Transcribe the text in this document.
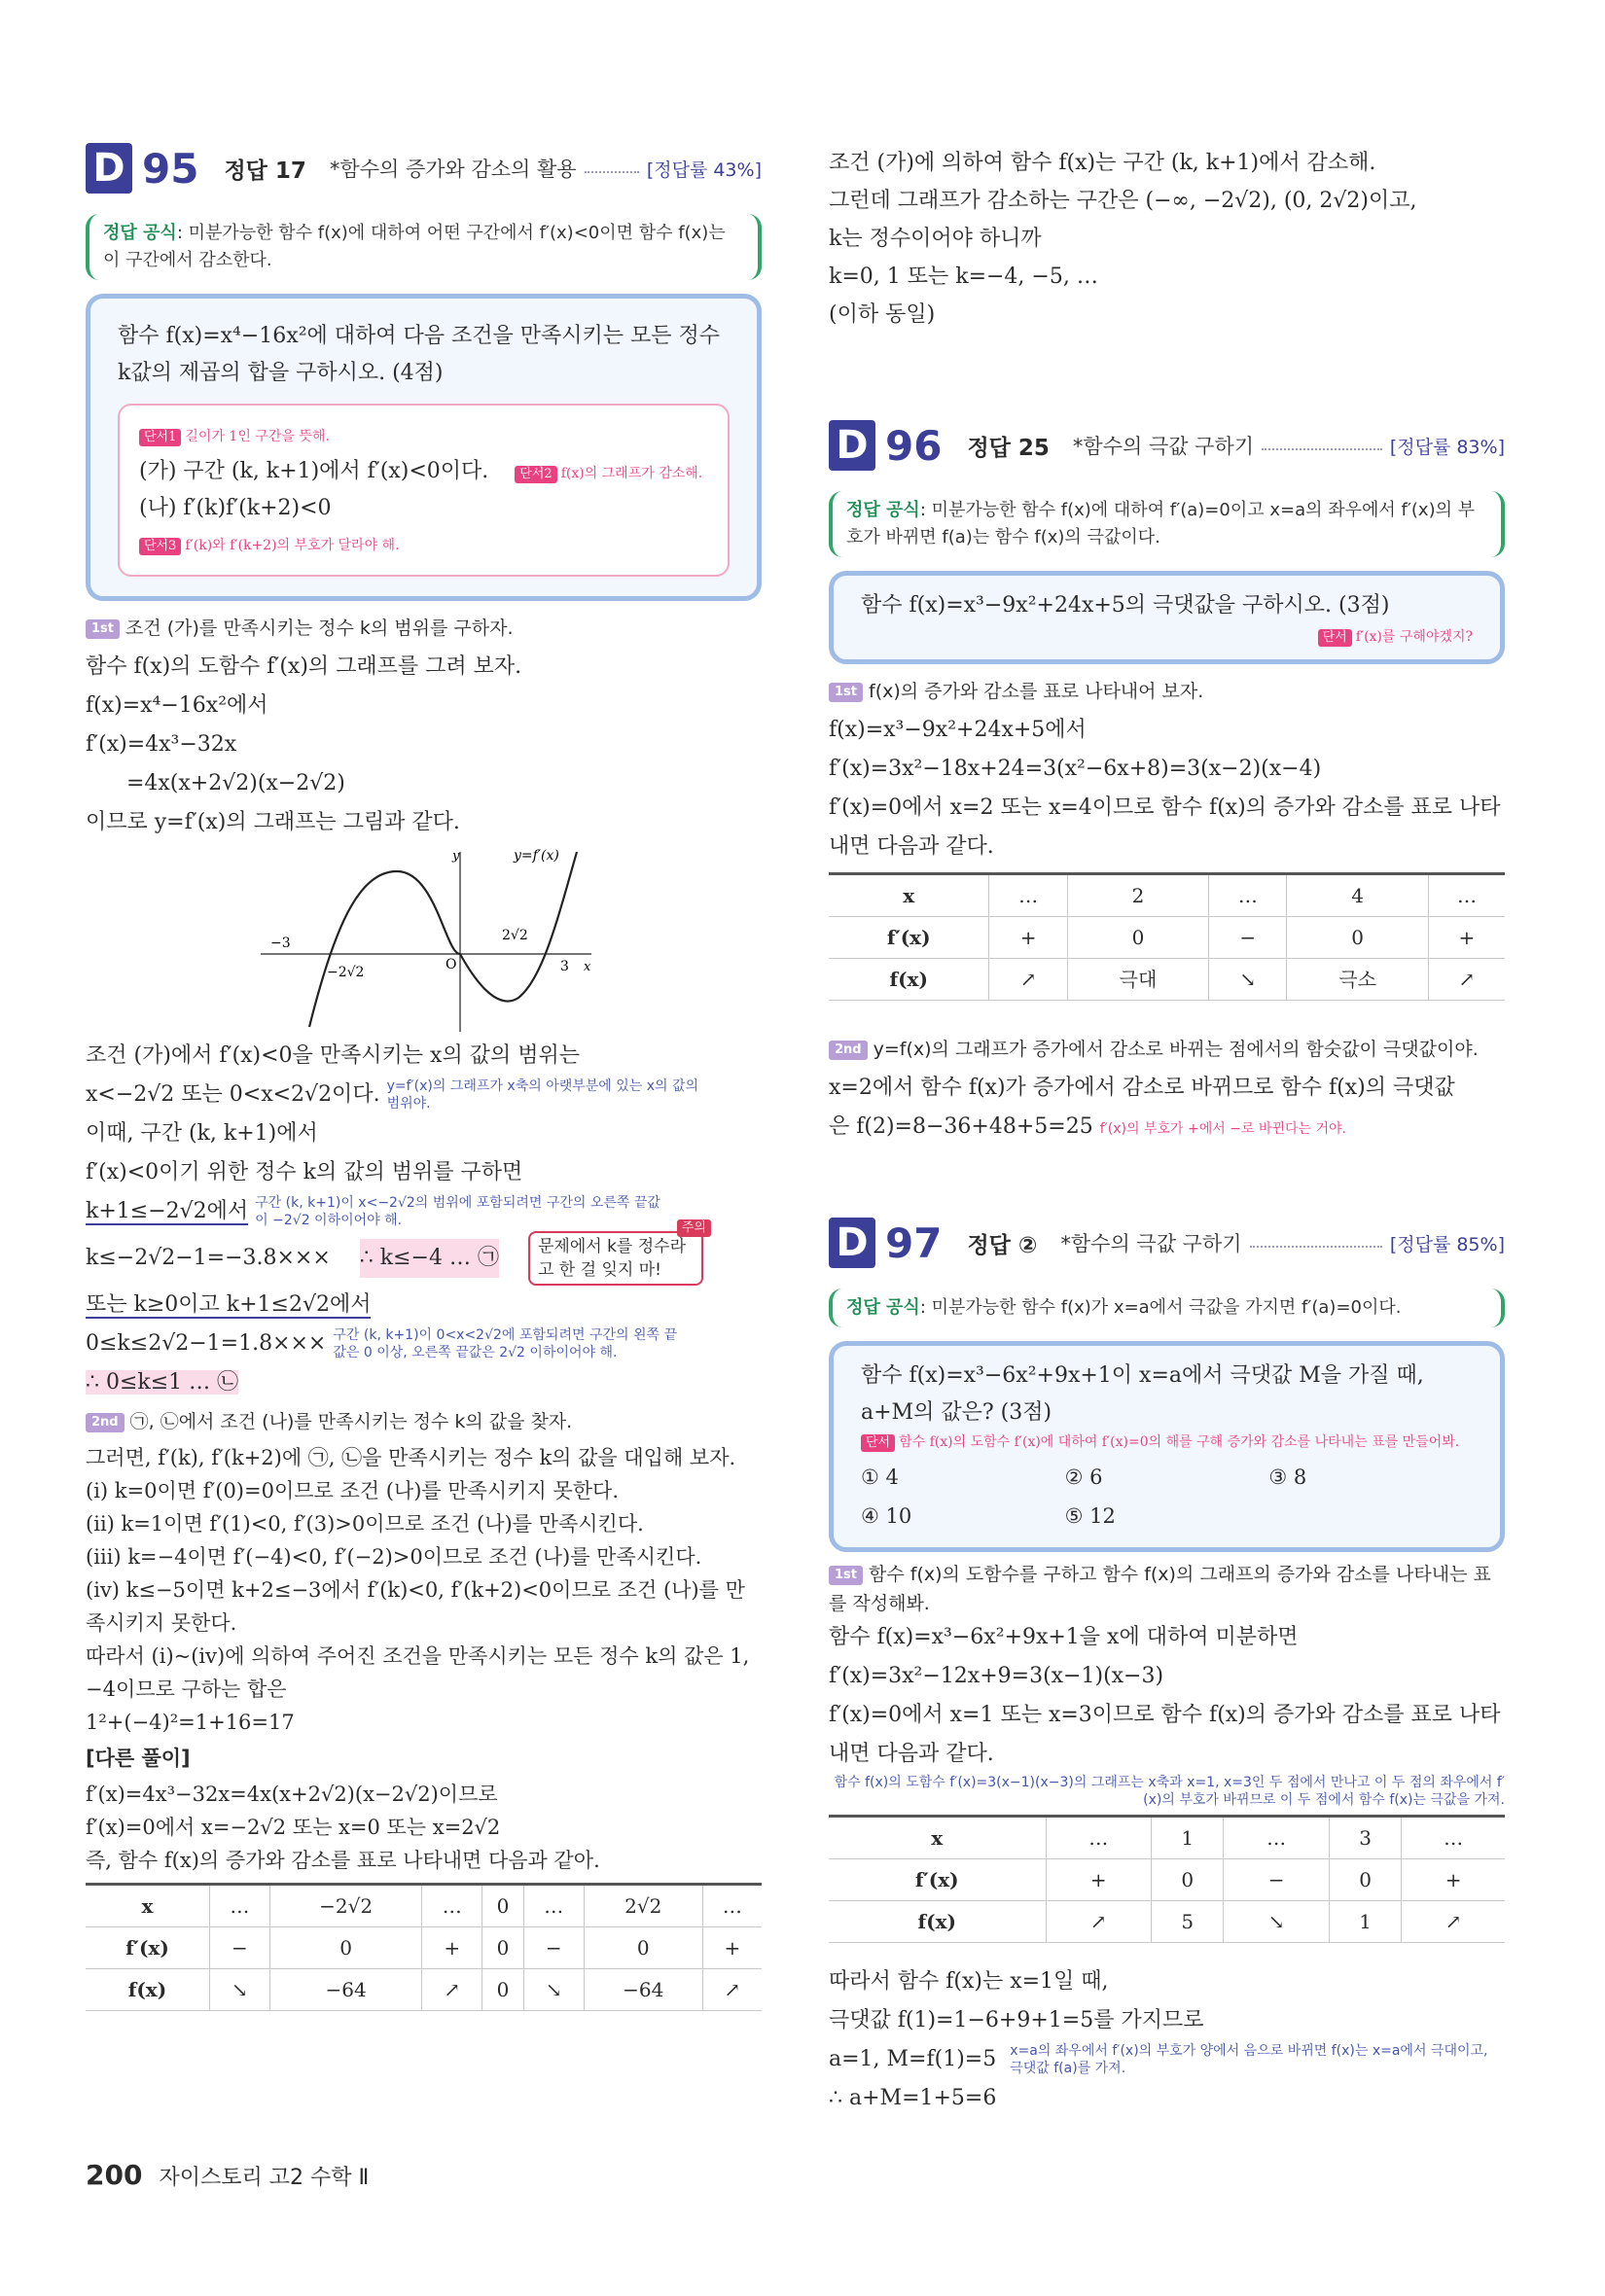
D 95 정답 17 *함수의 증가와 감소의 활용	[정답률 43%]
정답 공식: 미분가능한 함수 f(x)에 대하여 어떤 구간에서 f′(x)<0이면 함수 f(x)는 이 구간에서 감소한다.
함수 f(x)=x⁴−16x²에 대하여 다음 조건을 만족시키는 모든 정수 k값의 제곱의 합을 구하시오. (4점)
단서1 길이가 1인 구간을 뜻해.
(가) 구간 (k, k+1)에서 f′(x)<0이다. 단서2 f(x)의 그래프가 감소해.
(나) f′(k)f′(k+2)<0
단서3 f′(k)와 f′(k+2)의 부호가 달라야 해.
1st 조건 (가)를 만족시키는 정수 k의 범위를 구하자.
함수 f(x)의 도함수 f′(x)의 그래프를 그려 보자.
f(x)=x⁴−16x²에서
f′(x)=4x³−32x
=4x(x+2√2)(x−2√2)
이므로 y=f′(x)의 그래프는 그림과 같다.
y
x
y=f′(x)
−3
−2√2	O
2√2
3
조건 (가)에서 f′(x)<0을 만족시키는 x의 값의 범위는
x<−2√2 또는 0<x<2√2이다. y=f′(x)의 그래프가 x축의 아랫부분에 있는 x의 값의 범위야.
이때, 구간 (k, k+1)에서
f′(x)<0이기 위한 정수 k의 값의 범위를 구하면
k+1≤−2√2에서 구간 (k, k+1)이 x<−2√2의 범위에 포함되려면 구간의 오른쪽 끝값이 −2√2 이하이어야 해.
k≤−2√2−1=−3.8××× ∴ k≤−4 … ㉠
주의
문제에서 k를 정수라고 한 걸 잊지 마!
또는 k≥0이고 k+1≤2√2에서
0≤k≤2√2−1=1.8××× 구간 (k, k+1)이 0<x<2√2에 포함되려면 구간의 왼쪽 끝값은 0 이상, 오른쪽 끝값은 2√2 이하이어야 해.
∴ 0≤k≤1 … ㉡
2nd ㉠, ㉡에서 조건 (나)를 만족시키는 정수 k의 값을 찾자.
그러면, f′(k), f′(k+2)에 ㉠, ㉡을 만족시키는 정수 k의 값을 대입해 보자.
(ⅰ) k=0이면 f′(0)=0이므로 조건 (나)를 만족시키지 못한다.
(ⅱ) k=1이면 f′(1)<0, f′(3)>0이므로 조건 (나)를 만족시킨다.
(ⅲ) k=−4이면 f′(−4)<0, f′(−2)>0이므로 조건 (나)를 만족시킨다.
(ⅳ) k≤−5이면 k+2≤−3에서 f′(k)<0, f′(k+2)<0이므로 조건 (나)를 만족시키지 못한다.
따라서 (ⅰ)~(ⅳ)에 의하여 주어진 조건을 만족시키는 모든 정수 k의 값은 1, −4이므로 구하는 합은
1²+(−4)²=1+16=17
[다른 풀이]
f′(x)=4x³−32x=4x(x+2√2)(x−2√2)이므로
f′(x)=0에서 x=−2√2 또는 x=0 또는 x=2√2
즉, 함수 f(x)의 증가와 감소를 표로 나타내면 다음과 같아.
x	…	−2√2	…	0	…	2√2	…
f′(x)	−	0	+	0	−	0	+
f(x)	↘	−64	↗	0	↘	−64	↗
조건 (가)에 의하여 함수 f(x)는 구간 (k, k+1)에서 감소해.
그런데 그래프가 감소하는 구간은 (−∞, −2√2), (0, 2√2)이고,
k는 정수이어야 하니까
k=0, 1 또는 k=−4, −5, …
(이하 동일)
D 96 정답 25 *함수의 극값 구하기	[정답률 83%]
정답 공식: 미분가능한 함수 f(x)에 대하여 f′(a)=0이고 x=a의 좌우에서 f′(x)의 부호가 바뀌면 f(a)는 함수 f(x)의 극값이다.
함수 f(x)=x³−9x²+24x+5의 극댓값을 구하시오. (3점)
단서 f′(x)를 구해야겠지?
1st f(x)의 증가와 감소를 표로 나타내어 보자.
f(x)=x³−9x²+24x+5에서
f′(x)=3x²−18x+24=3(x²−6x+8)=3(x−2)(x−4)
f′(x)=0에서 x=2 또는 x=4이므로 함수 f(x)의 증가와 감소를 표로 나타내면 다음과 같다.
x	…	2	…	4	…
f′(x)	+	0	−	0	+
f(x)	↗	극대	↘	극소	↗
2nd y=f(x)의 그래프가 증가에서 감소로 바뀌는 점에서의 함숫값이 극댓값이야.
x=2에서 함수 f(x)가 증가에서 감소로 바뀌므로 함수 f(x)의 극댓값
은 f(2)=8−36+48+5=25 f′(x)의 부호가 +에서 −로 바뀐다는 거야.
D 97 정답 ② *함수의 극값 구하기	[정답률 85%]
정답 공식: 미분가능한 함수 f(x)가 x=a에서 극값을 가지면 f′(a)=0이다.
함수 f(x)=x³−6x²+9x+1이 x=a에서 극댓값 M을 가질 때, a+M의 값은? (3점)
단서 함수 f(x)의 도함수 f′(x)에 대하여 f′(x)=0의 해를 구해 증가와 감소를 나타내는 표를 만들어봐.
① 4	② 6	③ 8
④ 10	⑤ 12
1st 함수 f(x)의 도함수를 구하고 함수 f(x)의 그래프의 증가와 감소를 나타내는 표를 작성해봐.
함수 f(x)=x³−6x²+9x+1을 x에 대하여 미분하면
f′(x)=3x²−12x+9=3(x−1)(x−3)
f′(x)=0에서 x=1 또는 x=3이므로 함수 f(x)의 증가와 감소를 표로 나타내면 다음과 같다.
함수 f(x)의 도함수 f′(x)=3(x−1)(x−3)의 그래프는 x축과 x=1, x=3인 두 점에서 만나고 이 두 점의 좌우에서 f′(x)의 부호가 바뀌므로 이 두 점에서 함수 f(x)는 극값을 가져.
x	…	1	…	3	…
f′(x)	+	0	−	0	+
f(x)	↗	5	↘	1	↗
따라서 함수 f(x)는 x=1일 때,
극댓값 f(1)=1−6+9+1=5를 가지므로
a=1, M=f(1)=5 x=a의 좌우에서 f′(x)의 부호가 양에서 음으로 바뀌면 f(x)는 x=a에서 극대이고, 극댓값 f(a)를 가져.
∴ a+M=1+5=6
200 자이스토리 고2 수학 Ⅱ
